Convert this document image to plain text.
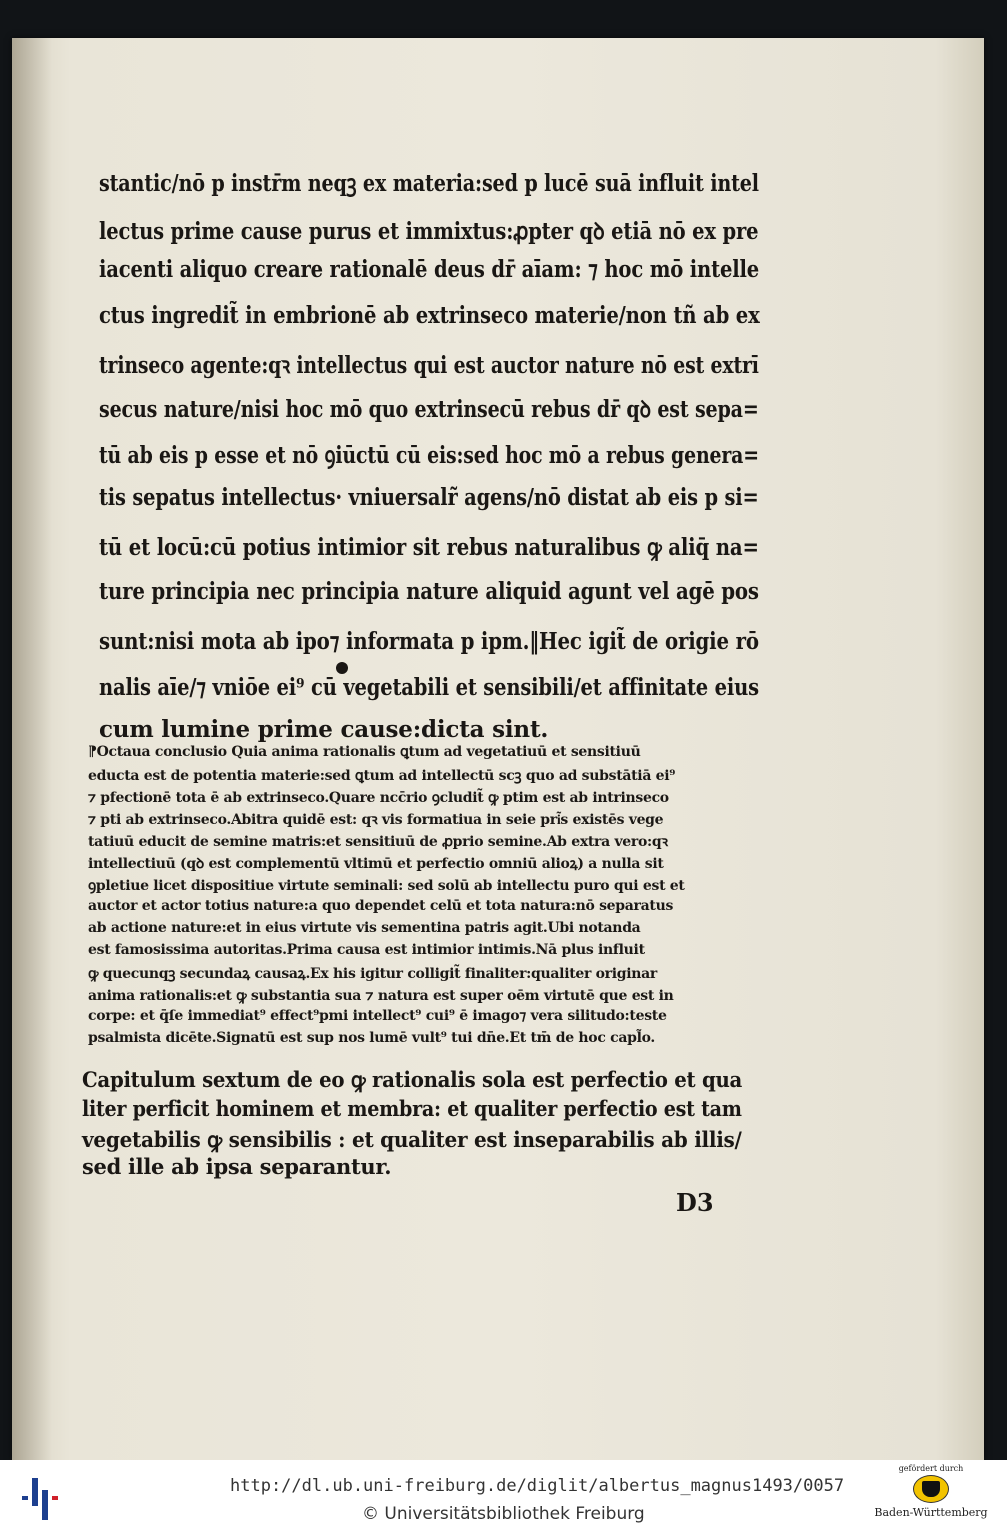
stantic/nō p instr̄m neqꝫ ex materia:sed p lucē suā influit intel
lectus prime cause purus et immixtus:ꝓpter qꝺ etiā nō ex pre
iacenti aliquo creare rationalē deus dr̄ aīam: ⁊ hoc mō intelle
ctus ingredit̃ in embrionē ab extrinseco materie/non tñ ab ex
trinseco agente:qꝛ intellectus qui est auctor nature nō est extrī
secus nature/nisi hoc mō quo extrinsecū rebus dr̄ qꝺ est sepa=
tū ab eis p esse et nō ꝯiūctū cū eis:sed hoc mō a rebus genera=
tis sepatus intellectus· vniuersalr̃ agens/nō distat ab eis p si=
tū et locū:cū potius intimior sit rebus naturalibus ꝙ aliq̄ na=
ture principia nec principia nature aliquid agunt vel agē pos
sunt:nisi mota ab ipo⁊ informata p ipm.‖Hec igit̃ de origie rō
nalis aīe/⁊ vniōe ei⁹ cū vegetabili et sensibili/et affinitate eius
cum lumine prime cause:dicta sint.
⁋Octaua conclusio Quia anima rationalis ꝗtum ad vegetatiuū et sensitiuū
educta est de potentia materie:sed ꝗtum ad intellectū scꝫ quo ad substātiā ei⁹
⁊ pfectionē tota ē ab extrinseco.Quare ncc̄rio ꝯcludit̃ ꝙ ptim est ab intrinseco
⁊ pti ab extrinseco.Abitra quidē est: qꝛ vis formatiua in seie pri͂s existēs vege
tatiuū educit de semine matris:et sensitiuū de ꝓprio semine.Ab extra vero:qꝛ
intellectiuū (qꝺ est complementū vltimū et perfectio omniū alioꝝ) a nulla sit
ꝯpletiue licet dispositiue virtute seminali: sed solū ab intellectu puro qui est et
auctor et actor totius nature:a quo dependet celū et tota natura:nō separatus
ab actione nature:et in eius virtute vis sementina patris agit.Ubi notanda
est famosissima autoritas.Prima causa est intimior intimis.Nā plus influit
ꝙ quecunqꝫ secundaꝝ causaꝝ.Ex his igitur colligit̃ finaliter:qualiter originar
anima rationalis:et ꝙ substantia sua ⁊ natura est super oēm virtutē que est in
corpe: et q̄ſe immediat⁹ effect⁹pmi intellect⁹ cui⁹ ē imago⁊ vera silitudo:teste
psalmista dicēte.Signatū est sup nos lumē vult⁹ tui dn̄e.Et tm̄ de hoc capl̃o.
Capitulum sextum de eo ꝙ rationalis sola est perfectio et qua
liter perficit hominem et membra: et qualiter perfectio est tam
vegetabilis ꝙ sensibilis : et qualiter est inseparabilis ab illis/
sed ille ab ipsa separantur.
D3
http://dl.ub.uni-freiburg.de/diglit/albertus_magnus1493/0057
© Universitätsbibliothek Freiburg
gefördert durch
Baden-Württemberg
